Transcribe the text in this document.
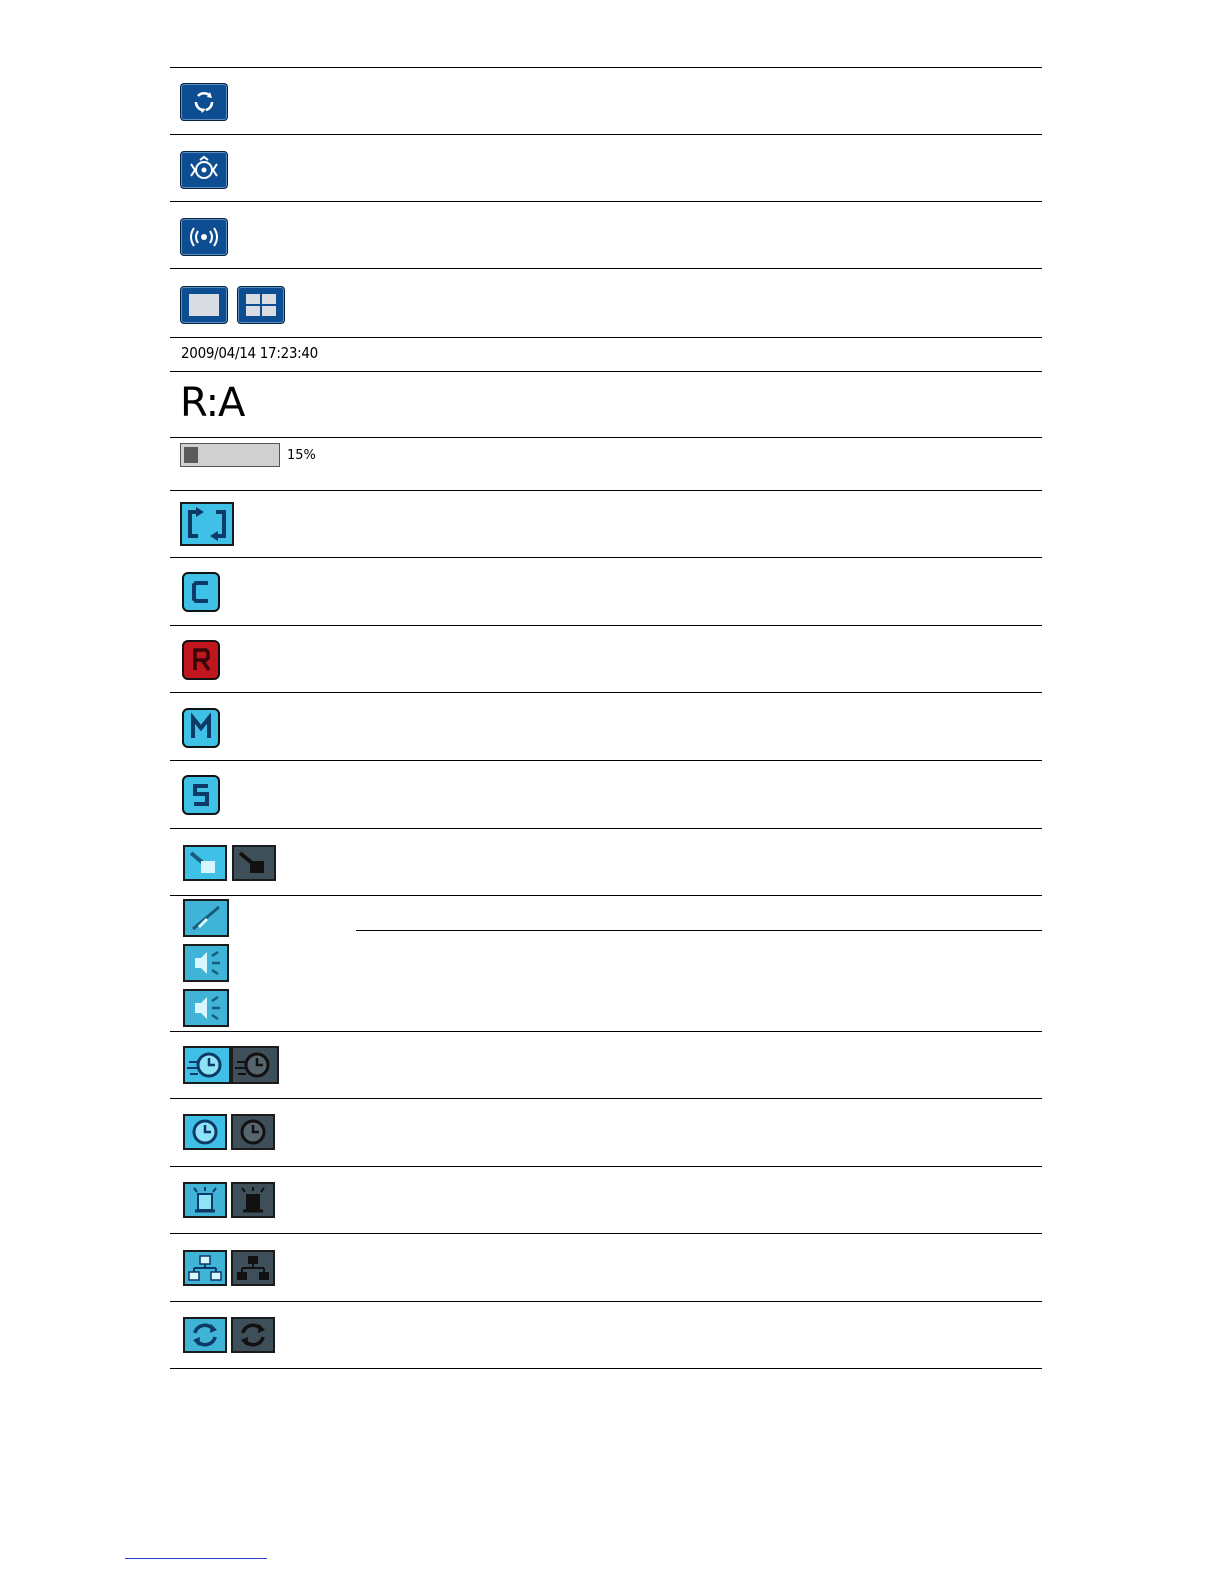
2009/04/14 17:23:40
R:A
15%
